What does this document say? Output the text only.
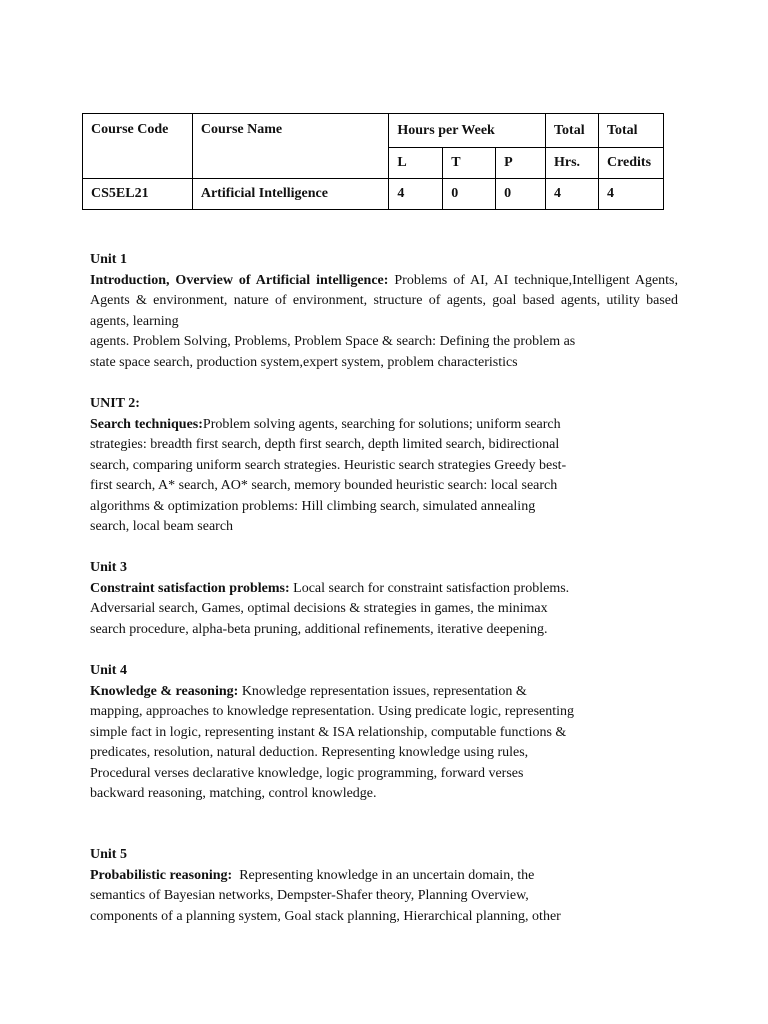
Course Code	Course Name	Hours per Week			Total	Total
		L	T	P	Hrs.	Credits
CS5EL21	Artificial Intelligence	4	0	0	4	4
Unit 1
Introduction, Overview of Artificial intelligence: Problems of AI, AI technique,Intelligent Agents, Agents & environment, nature of environment, structure of agents, goal based agents, utility based agents, learning
agents. Problem Solving, Problems, Problem Space & search: Defining the problem as
state space search, production system,expert system, problem characteristics
UNIT 2:
Search techniques:Problem solving agents, searching for solutions; uniform search
strategies: breadth first search, depth first search, depth limited search, bidirectional
search, comparing uniform search strategies. Heuristic search strategies Greedy best-
first search, A* search, AO* search, memory bounded heuristic search: local search
algorithms & optimization problems: Hill climbing search, simulated annealing
search, local beam search
Unit 3
Constraint satisfaction problems: Local search for constraint satisfaction problems.
Adversarial search, Games, optimal decisions & strategies in games, the minimax
search procedure, alpha-beta pruning, additional refinements, iterative deepening.
Unit 4
Knowledge & reasoning: Knowledge representation issues, representation &
mapping, approaches to knowledge representation. Using predicate logic, representing
simple fact in logic, representing instant & ISA relationship, computable functions &
predicates, resolution, natural deduction. Representing knowledge using rules,
Procedural verses declarative knowledge, logic programming, forward verses
backward reasoning, matching, control knowledge.
Unit 5
Probabilistic reasoning:  Representing knowledge in an uncertain domain, the
semantics of Bayesian networks, Dempster-Shafer theory, Planning Overview,
components of a planning system, Goal stack planning, Hierarchical planning, other
